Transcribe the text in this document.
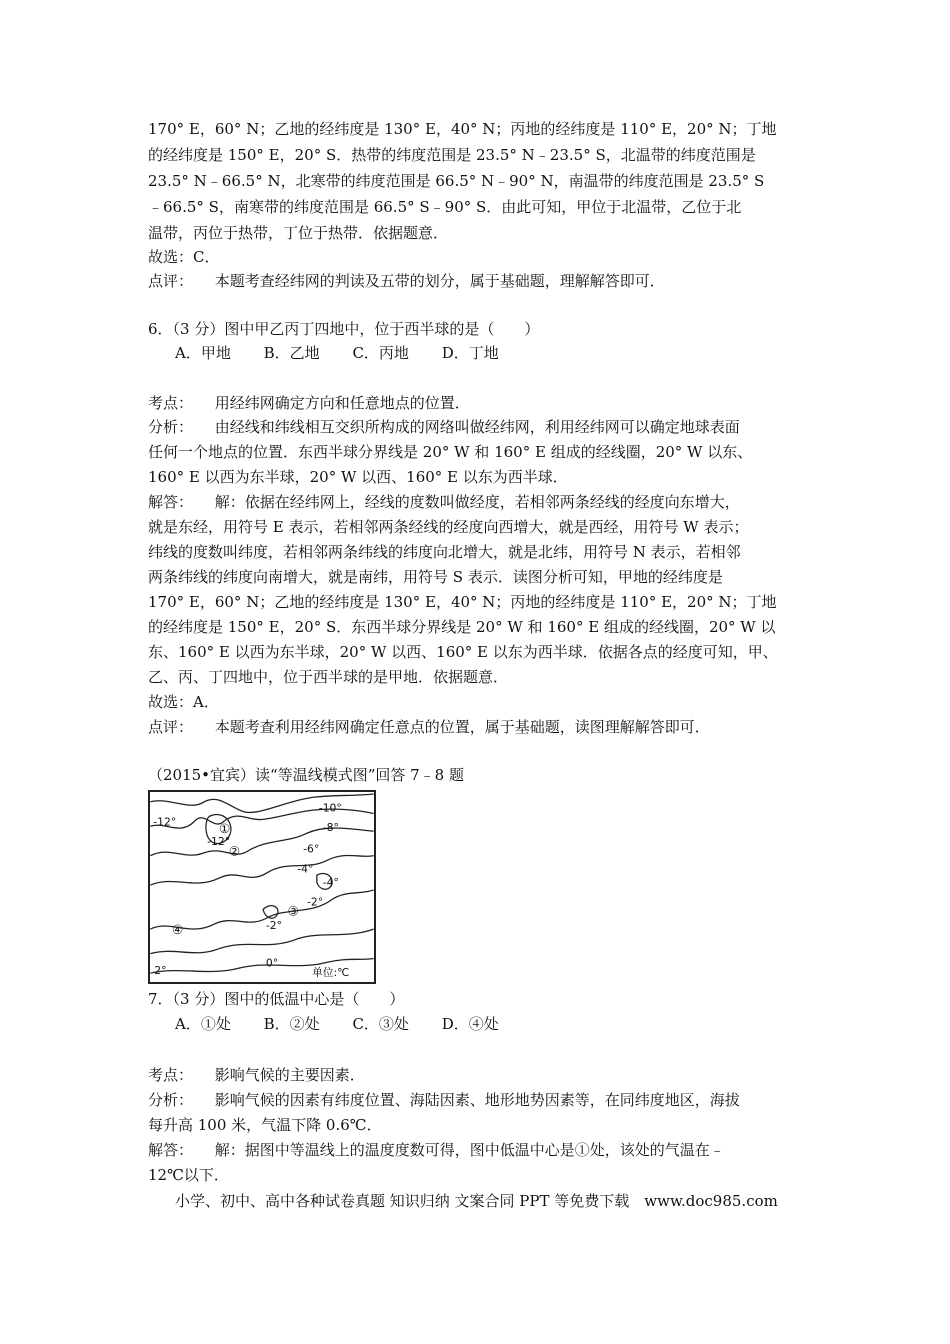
170° E，60° N；乙地的经纬度是 130° E，40° N；丙地的经纬度是 110° E，20° N；丁地
的经纬度是 150° E，20° S．热带的纬度范围是 23.5° N﹣23.5° S，北温带的纬度范围是
23.5° N﹣66.5° N，北寒带的纬度范围是 66.5° N﹣90° N，南温带的纬度范围是 23.5° S
﹣66.5° S，南寒带的纬度范围是 66.5° S﹣90° S．由此可知，甲位于北温带，乙位于北
温带，丙位于热带，丁位于热带．依据题意．
故选：C．
点评： 本题考查经纬网的判读及五带的划分，属于基础题，理解解答即可．
6．（3 分）图中甲乙丙丁四地中，位于西半球的是（　　）
A．甲地 B．乙地 C．丙地 D．丁地
考点： 用经纬网确定方向和任意地点的位置．
分析： 由经线和纬线相互交织所构成的网络叫做经纬网，利用经纬网可以确定地球表面
任何一个地点的位置．东西半球分界线是 20° W 和 160° E 组成的经线圈，20° W 以东、
160° E 以西为东半球，20° W 以西、160° E 以东为西半球．
解答： 解：依据在经纬网上，经线的度数叫做经度，若相邻两条经线的经度向东增大，
就是东经，用符号 E 表示，若相邻两条经线的经度向西增大，就是西经，用符号 W 表示；
纬线的度数叫纬度，若相邻两条纬线的纬度向北增大，就是北纬，用符号 N 表示，若相邻
两条纬线的纬度向南增大，就是南纬，用符号 S 表示．读图分析可知，甲地的经纬度是
170° E，60° N；乙地的经纬度是 130° E，40° N；丙地的经纬度是 110° E，20° N；丁地
的经纬度是 150° E，20° S．东西半球分界线是 20° W 和 160° E 组成的经线圈，20° W 以
东、160° E 以西为东半球，20° W 以西、160° E 以东为西半球．依据各点的经度可知，甲、
乙、丙、丁四地中，位于西半球的是甲地．依据题意．
故选：A．
点评： 本题考查利用经纬网确定任意点的位置，属于基础题，读图理解解答即可．
（2015•宜宾）读“等温线模式图”回答 7﹣8 题
-10°
-12°	-8°
-12°
-6°
-4°
-4°
-2°
-2°
0°
2°	单位:℃
①
②
③
④
7．（3 分）图中的低温中心是（　　）
A．①处 B．②处 C．③处 D．④处
考点： 影响气候的主要因素．
分析： 影响气候的因素有纬度位置、海陆因素、地形地势因素等，在同纬度地区，海拔
每升高 100 米，气温下降 0.6℃．
解答： 解：据图中等温线上的温度度数可得，图中低温中心是①处，该处的气温在﹣
12℃以下．
小学、初中、高中各种试卷真题 知识归纳 文案合同 PPT 等免费下载　www.doc985.com
